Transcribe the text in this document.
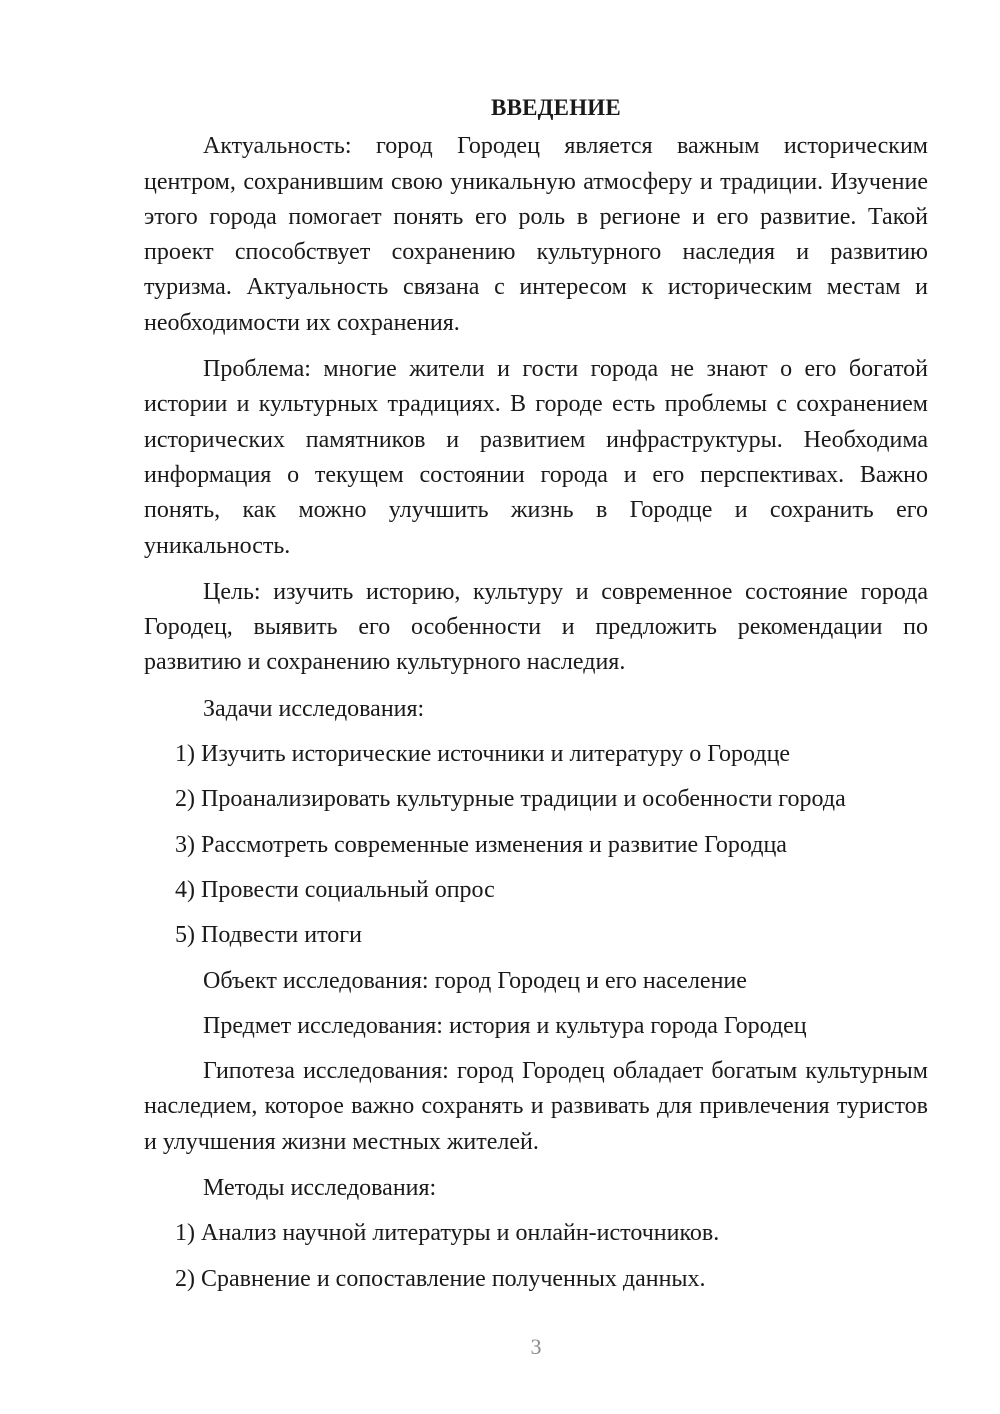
ВВЕДЕНИЕ

Актуальность: город Городец является важным историческим центром, сохранившим свою уникальную атмосферу и традиции. Изучение этого города помогает понять его роль в регионе и его развитие. Такой проект способствует сохранению культурного наследия и развитию туризма. Актуальность связана с интересом к историческим местам и необходимости их сохранения.

Проблема: многие жители и гости города не знают о его богатой истории и культурных традициях. В городе есть проблемы с сохранением исторических памятников и развитием инфраструктуры. Необходима информация о текущем состоянии города и его перспективах. Важно понять, как можно улучшить жизнь в Городце и сохранить его уникальность.

Цель: изучить историю, культуру и современное состояние города Городец, выявить его особенности и предложить рекомендации по развитию и сохранению культурного наследия.

Задачи исследования:
1) Изучить исторические источники и литературу о Городце
2) Проанализировать культурные традиции и особенности города
3) Рассмотреть современные изменения и развитие Городца
4) Провести социальный опрос
5) Подвести итоги
Объект исследования: город Городец и его население
Предмет исследования: история и культура города Городец

Гипотеза исследования: город Городец обладает богатым культурным наследием, которое важно сохранять и развивать для привлечения туристов и улучшения жизни местных жителей.

Методы исследования:
1) Анализ научной литературы и онлайн-источников.
2) Сравнение и сопоставление полученных данных.
3
